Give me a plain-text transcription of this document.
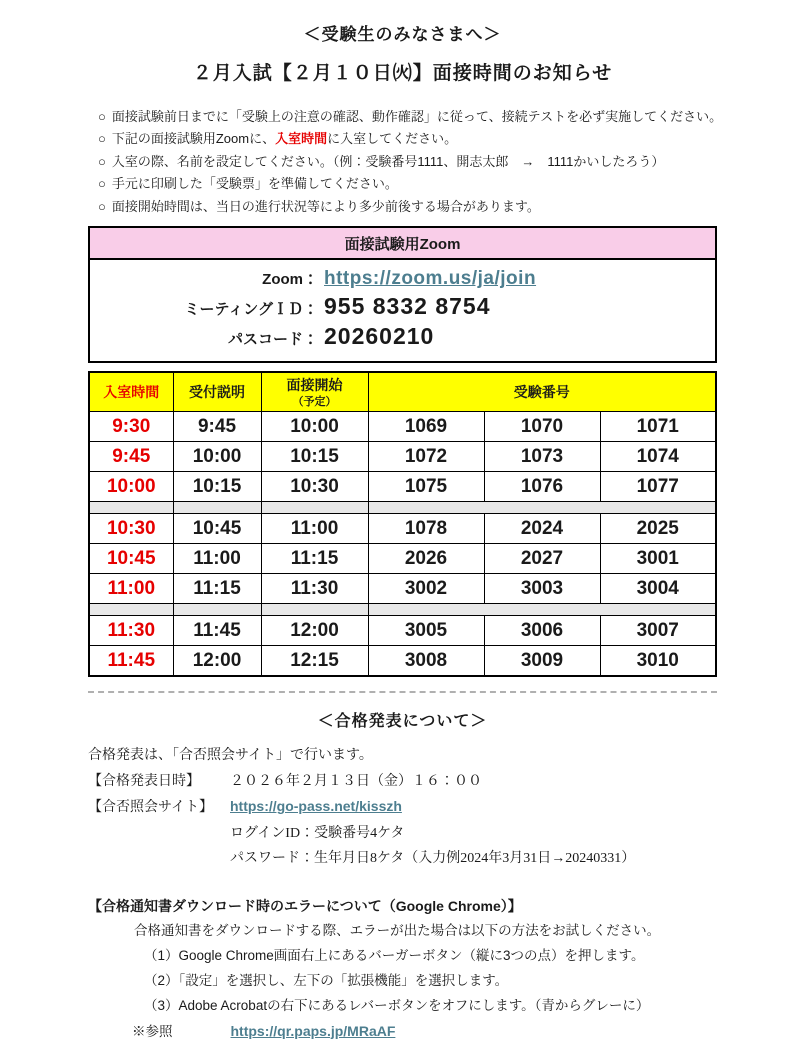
＜受験生のみなさまへ＞
２月入試【２月１０日㈫】面接時間のお知らせ
○ 面接試験前日までに「受験上の注意の確認、動作確認」に従って、接続テストを必ず実施してください。
○ 下記の面接試験用Zoomに、入室時間に入室してください。
○ 入室の際、名前を設定してください。（例：受験番号1111、開志太郎　→　1111かいしたろう）
○ 手元に印刷した「受験票」を準備してください。
○ 面接開始時間は、当日の進行状況等により多少前後する場合があります。
面接試験用Zoom
Zoom： https://zoom.us/ja/join
ミーティングＩＤ： 955 8332 8754
パスコード： 20260210
入室時間	受付説明	面接開始
（予定）	受験番号		
9:30	9:45	10:00	1069	1070	1071
9:45	10:00	10:15	1072	1073	1074
10:00	10:15	10:30	1075	1076	1077

10:30	10:45	11:00	1078	2024	2025
10:45	11:00	11:15	2026	2027	3001
11:00	11:15	11:30	3002	3003	3004

11:30	11:45	12:00	3005	3006	3007
11:45	12:00	12:15	3008	3009	3010
＜合格発表について＞
合格発表は、「合否照会サイト」で行います。
【合格発表日時】 ２０２６年２月１３日（金）１６：００
【合否照会サイト】 https://go-pass.net/kisszh
ログインID：受験番号4ケタ
パスワード：生年月日8ケタ（入力例2024年3月31日→20240331）
【合格通知書ダウンロード時のエラーについて（Google Chrome）】
合格通知書をダウンロードする際、エラーが出た場合は以下の方法をお試しください。
（1）Google Chrome画面右上にあるバーガーボタン（縦に3つの点）を押します。
（2）「設定」を選択し、左下の「拡張機能」を選択します。
（3）Adobe Acrobatの右下にあるレバーボタンをオフにします。（青からグレーに）
※参照	https://qr.paps.jp/MRaAF
